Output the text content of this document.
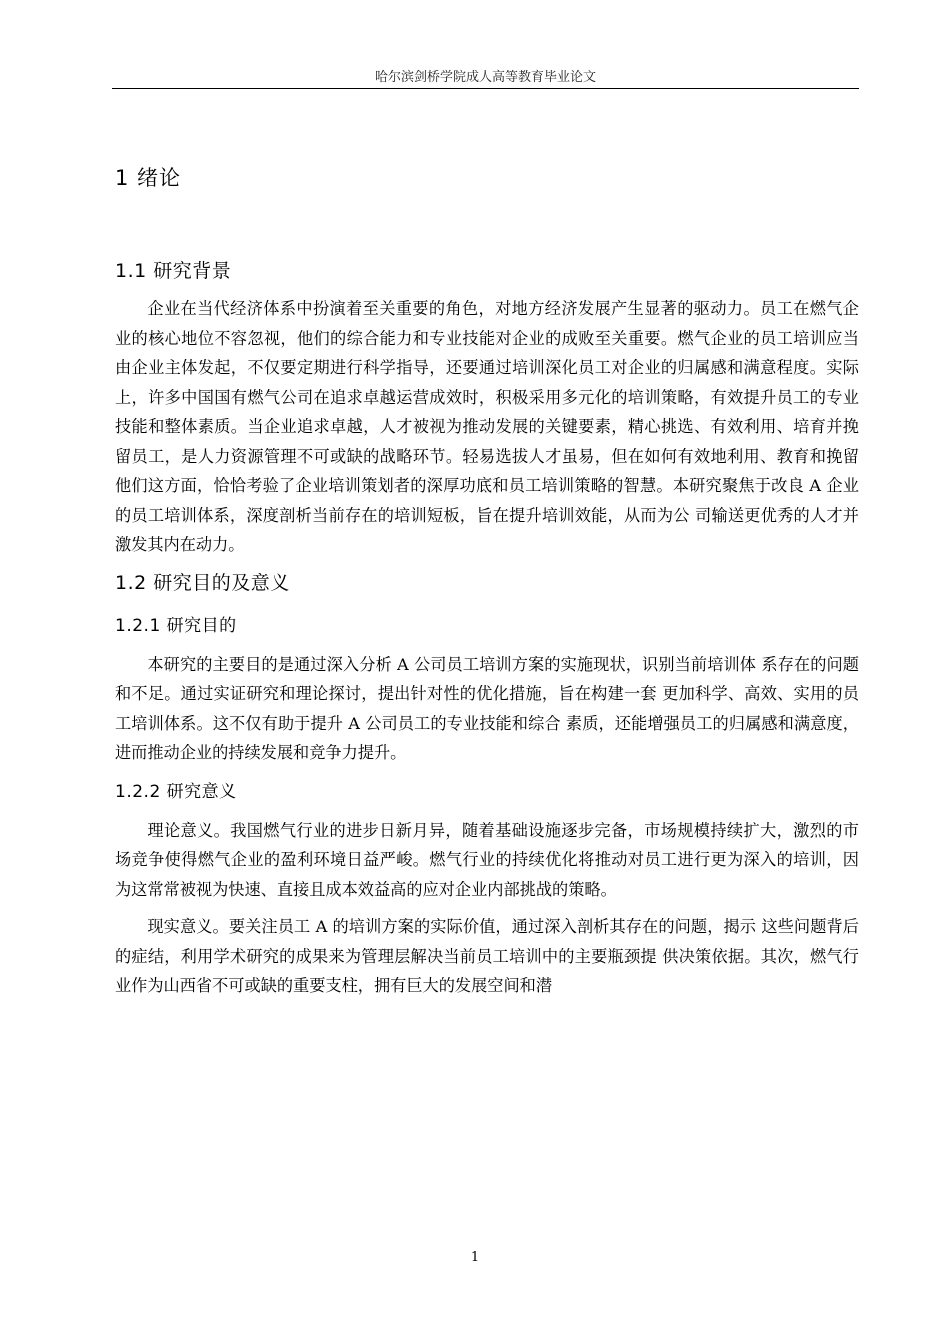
哈尔滨剑桥学院成人高等教育毕业论文
1 绪论
1.1 研究背景

企业在当代经济体系中扮演着至关重要的角色，对地方经济发展产生显著的驱动力。员工在燃气企业的核心地位不容忽视，他们的综合能力和专业技能对企业的成败至关重要。燃气企业的员工培训应当由企业主体发起，不仅要定期进行科学指导，还要通过培训深化员工对企业的归属感和满意程度。实际上，许多中国国有燃气公司在追求卓越运营成效时，积极采用多元化的培训策略，有效提升员工的专业技能和整体素质。当企业追求卓越，人才被视为推动发展的关键要素，精心挑选、有效利用、培育并挽留员工，是人力资源管理不可或缺的战略环节。轻易选拔人才虽易，但在如何有效地利用、教育和挽留他们这方面，恰恰考验了企业培训策划者的深厚功底和员工培训策略的智慧。本研究聚焦于改良 A 企业的员工培训体系，深度剖析当前存在的培训短板，旨在提升培训效能，从而为公 司输送更优秀的人才并激发其内在动力。

1.2 研究目的及意义
1.2.1 研究目的

本研究的主要目的是通过深入分析 A 公司员工培训方案的实施现状，识别当前培训体 系存在的问题和不足。通过实证研究和理论探讨，提出针对性的优化措施，旨在构建一套 更加科学、高效、实用的员工培训体系。这不仅有助于提升 A 公司员工的专业技能和综合 素质，还能增强员工的归属感和满意度，进而推动企业的持续发展和竞争力提升。

1.2.2 研究意义

理论意义。我国燃气行业的进步日新月异，随着基础设施逐步完备，市场规模持续扩大，激烈的市场竞争使得燃气企业的盈利环境日益严峻。燃气行业的持续优化将推动对员工进行更为深入的培训，因为这常常被视为快速、直接且成本效益高的应对企业内部挑战的策略。

现实意义。要关注员工 A 的培训方案的实际价值，通过深入剖析其存在的问题，揭示 这些问题背后的症结，利用学术研究的成果来为管理层解决当前员工培训中的主要瓶颈提 供决策依据。其次，燃气行业作为山西省不可或缺的重要支柱，拥有巨大的发展空间和潜

1
